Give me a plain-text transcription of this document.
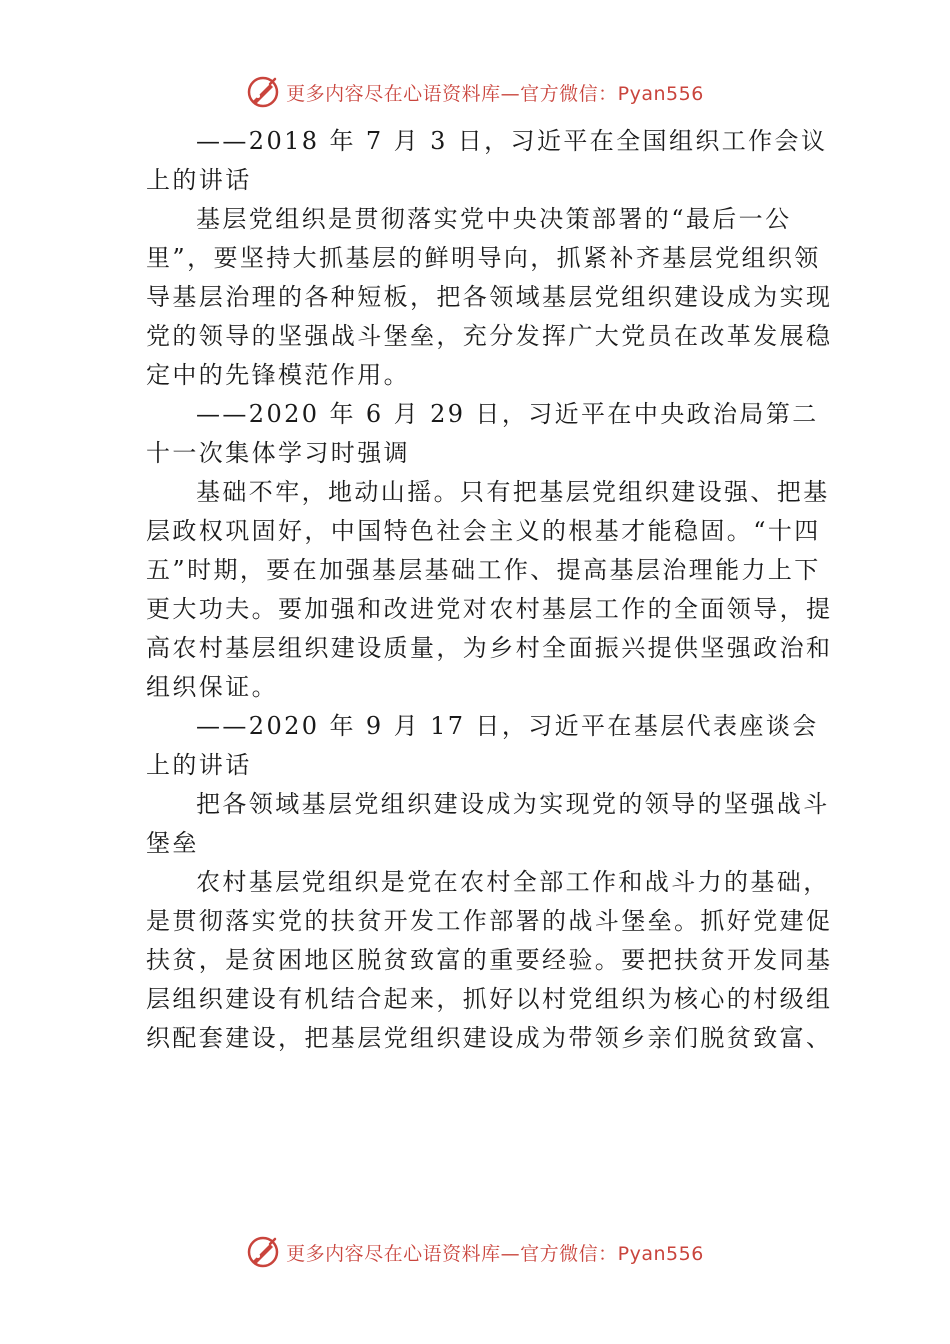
更多内容尽在心语资料库—官方微信：Pyan556

——2018 年 7 月 3 日，习近平在全国组织工作会议上的讲话

基层党组织是贯彻落实党中央决策部署的“最后一公里”，要坚持大抓基层的鲜明导向，抓紧补齐基层党组织领导基层治理的各种短板，把各领域基层党组织建设成为实现党的领导的坚强战斗堡垒，充分发挥广大党员在改革发展稳定中的先锋模范作用。

——2020 年 6 月 29 日，习近平在中央政治局第二十一次集体学习时强调

基础不牢，地动山摇。只有把基层党组织建设强、把基层政权巩固好，中国特色社会主义的根基才能稳固。“十四五”时期，要在加强基层基础工作、提高基层治理能力上下更大功夫。要加强和改进党对农村基层工作的全面领导，提高农村基层组织建设质量，为乡村全面振兴提供坚强政治和组织保证。

——2020 年 9 月 17 日，习近平在基层代表座谈会上的讲话

把各领域基层党组织建设成为实现党的领导的坚强战斗堡垒

农村基层党组织是党在农村全部工作和战斗力的基础，是贯彻落实党的扶贫开发工作部署的战斗堡垒。抓好党建促扶贫，是贫困地区脱贫致富的重要经验。要把扶贫开发同基层组织建设有机结合起来，抓好以村党组织为核心的村级组织配套建设，把基层党组织建设成为带领乡亲们脱贫致富、

更多内容尽在心语资料库—官方微信：Pyan556
